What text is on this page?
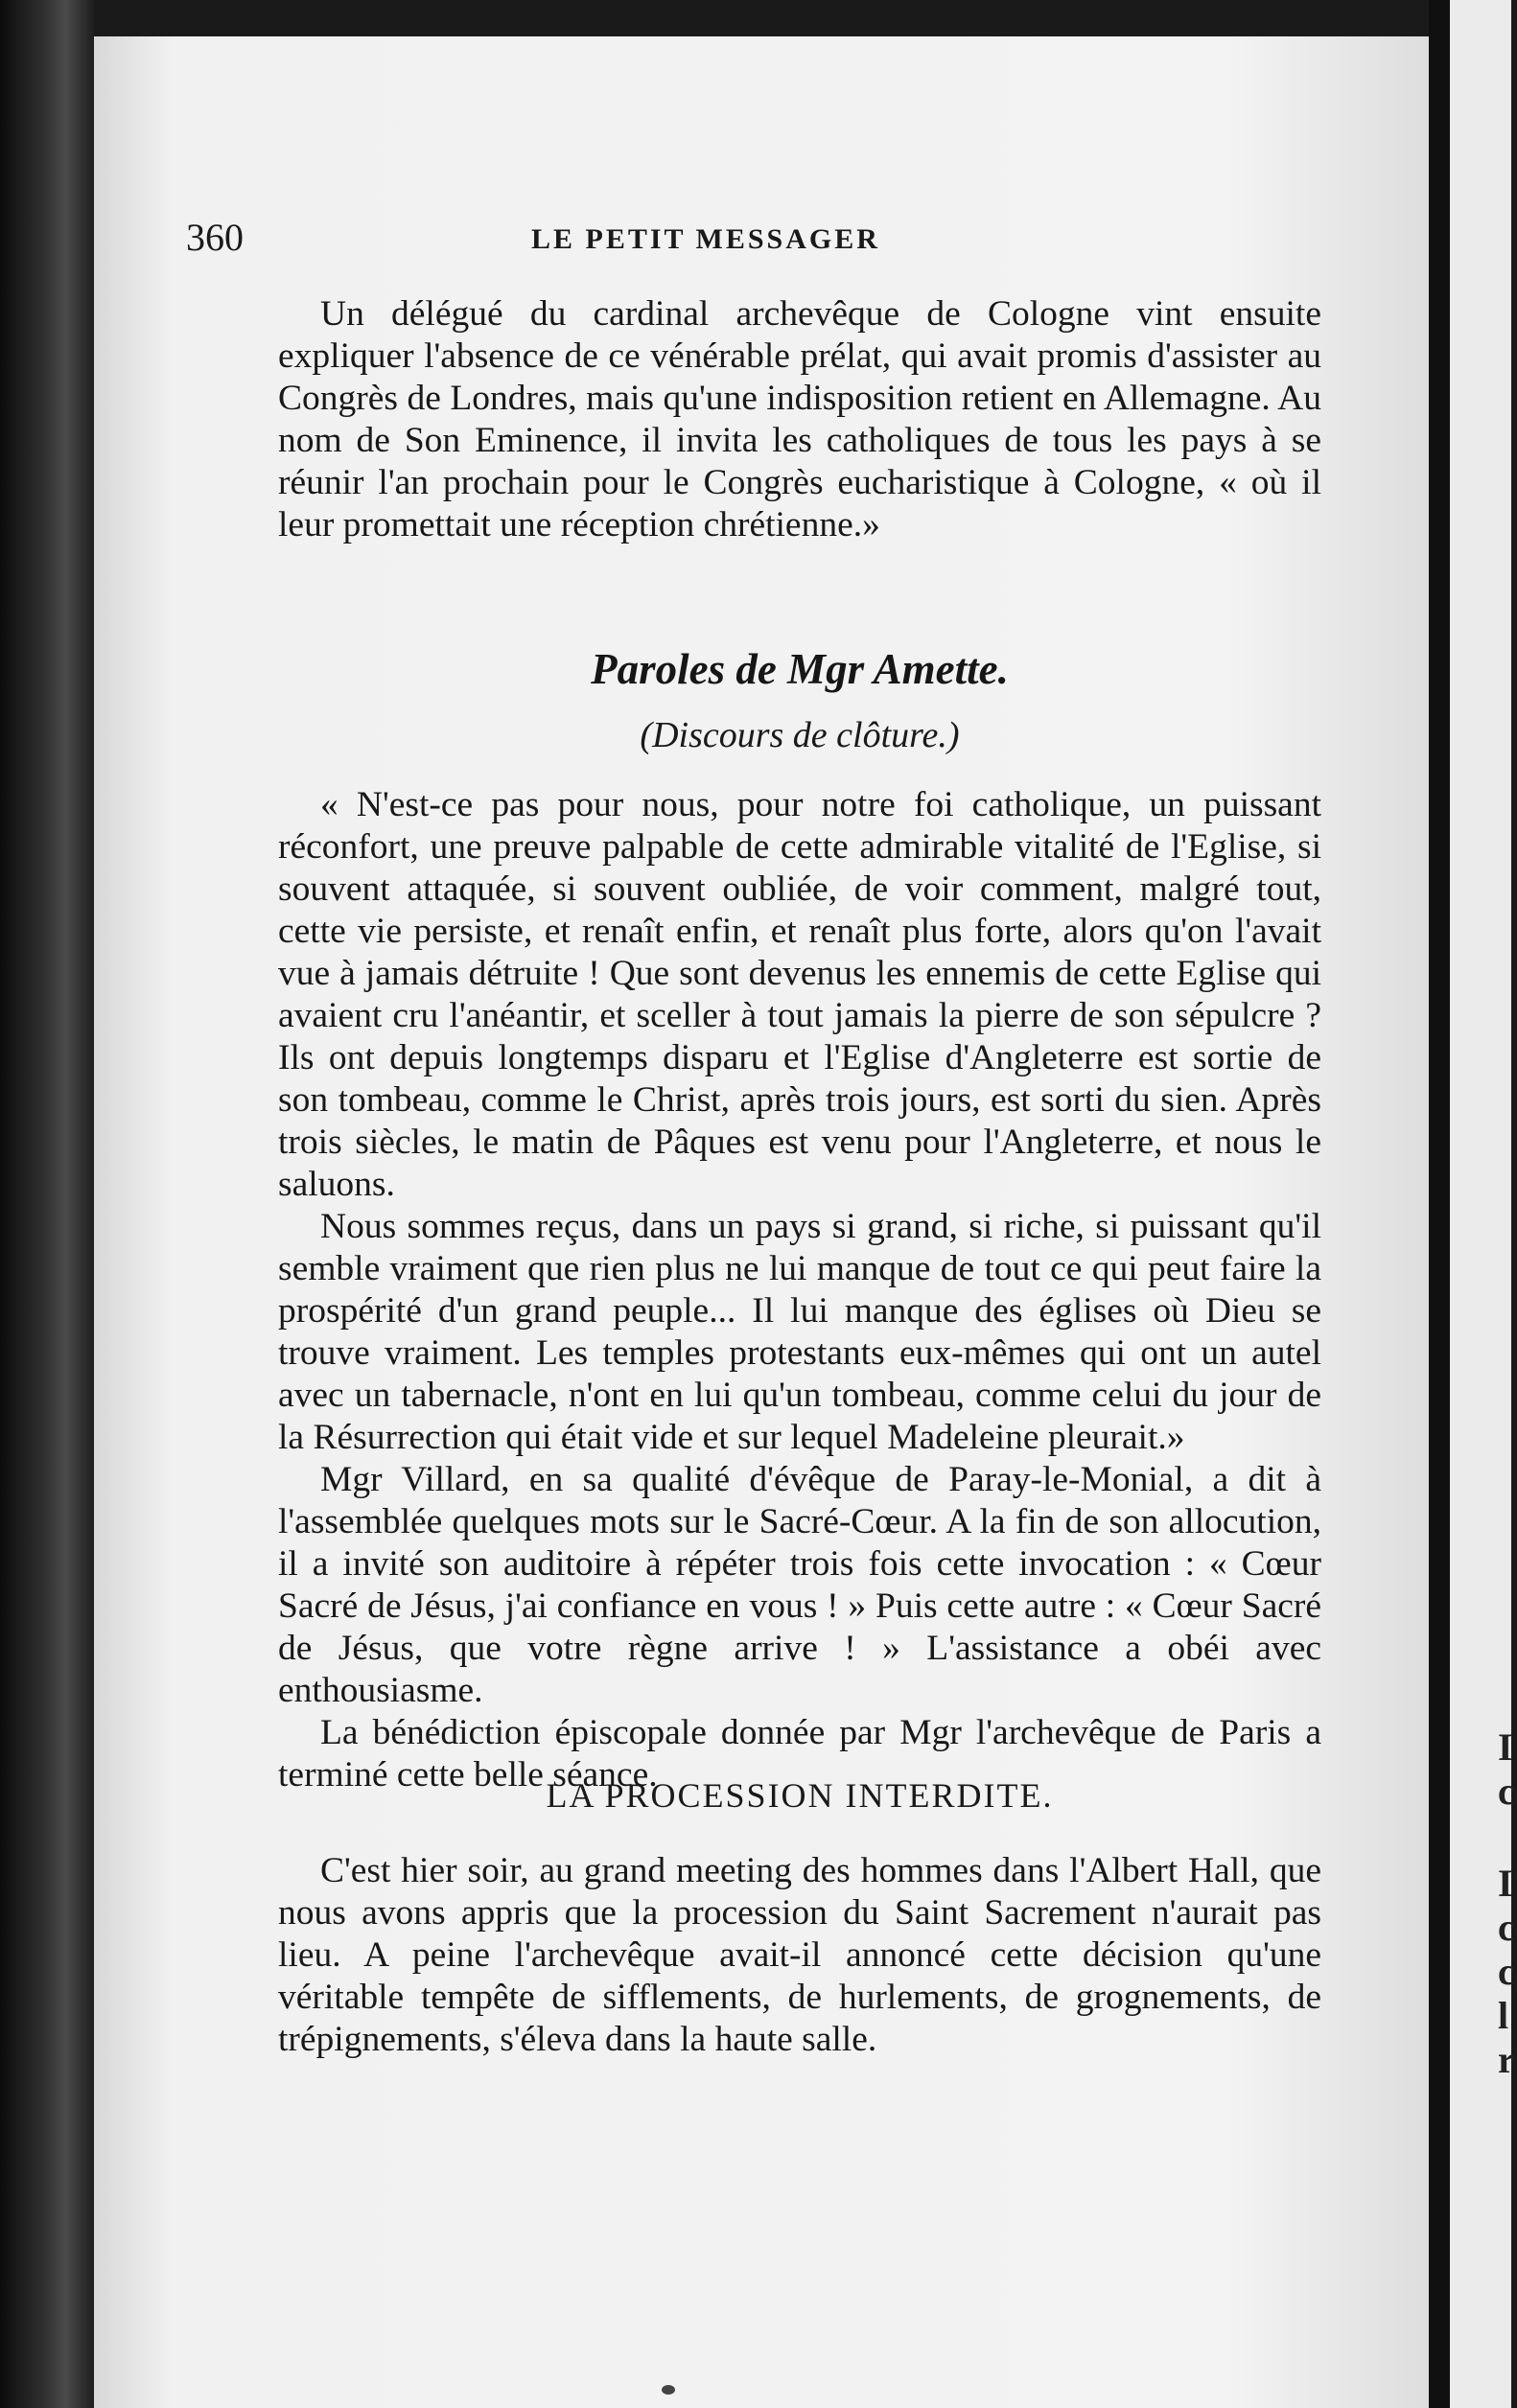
I
c
I
c
c
l
r
360	LE PETIT MESSAGER

Un délégué du cardinal archevêque de Cologne vint ensuite expliquer l'absence de ce vénérable prélat, qui avait promis d'assister au Congrès de Londres, mais qu'une indisposition retient en Allemagne. Au nom de Son Eminence, il invita les catholiques de tous les pays à se réunir l'an prochain pour le Congrès eucharistique à Cologne, « où il leur promettait une réception chrétienne.»

Paroles de Mgr Amette.
(Discours de clôture.)

« N'est-ce pas pour nous, pour notre foi catholique, un puissant réconfort, une preuve palpable de cette admirable vitalité de l'Eglise, si souvent attaquée, si souvent oubliée, de voir comment, malgré tout, cette vie persiste, et renaît enfin, et renaît plus forte, alors qu'on l'avait vue à jamais détruite ! Que sont devenus les ennemis de cette Eglise qui avaient cru l'anéantir, et sceller à tout jamais la pierre de son sépulcre ? Ils ont depuis longtemps disparu et l'Eglise d'Angleterre est sortie de son tombeau, comme le Christ, après trois jours, est sorti du sien. Après trois siècles, le matin de Pâques est venu pour l'Angleterre, et nous le saluons.

Nous sommes reçus, dans un pays si grand, si riche, si puissant qu'il semble vraiment que rien plus ne lui manque de tout ce qui peut faire la prospérité d'un grand peuple... Il lui manque des églises où Dieu se trouve vraiment. Les temples protestants eux-mêmes qui ont un autel avec un tabernacle, n'ont en lui qu'un tombeau, comme celui du jour de la Résurrection qui était vide et sur lequel Madeleine pleurait.»

Mgr Villard, en sa qualité d'évêque de Paray-le-Monial, a dit à l'assemblée quelques mots sur le Sacré-Cœur. A la fin de son allocution, il a invité son auditoire à répéter trois fois cette invocation : « Cœur Sacré de Jésus, j'ai confiance en vous ! » Puis cette autre : « Cœur Sacré de Jésus, que votre règne arrive ! » L'assistance a obéi avec enthousiasme.

La bénédiction épiscopale donnée par Mgr l'archevêque de Paris a terminé cette belle séance.

LA PROCESSION INTERDITE.

C'est hier soir, au grand meeting des hommes dans l'Albert Hall, que nous avons appris que la procession du Saint Sacrement n'aurait pas lieu. A peine l'archevêque avait-il annoncé cette décision qu'une véritable tempête de sifflements, de hurlements, de grognements, de trépignements, s'éleva dans la haute salle.
